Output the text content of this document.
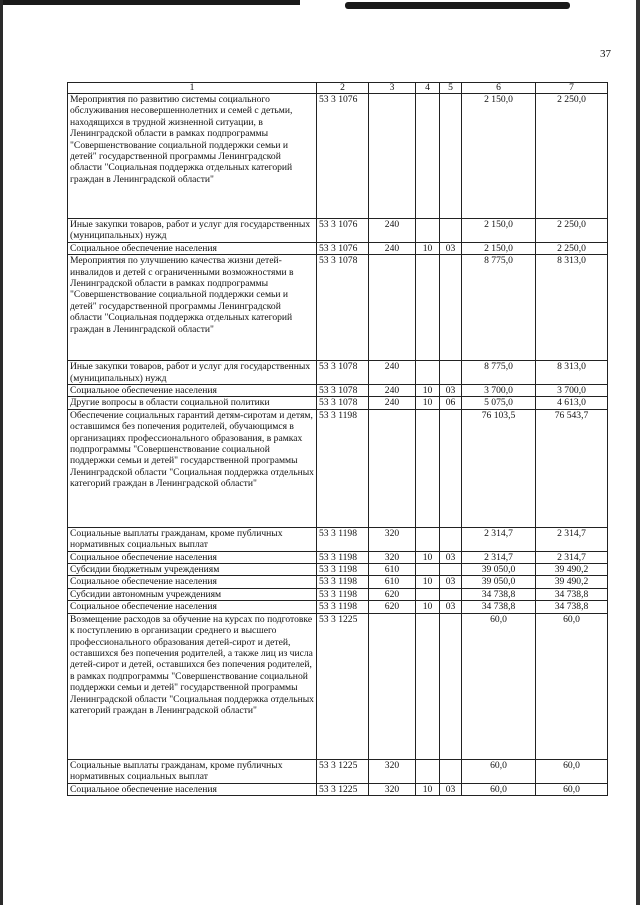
37
1	2	3	4	5	6	7
Мероприятия по развитию системы социального обслуживания несовершеннолетних и семей с детьми, находящихся в трудной жизненной ситуации, в Ленинградской области в рамках подпрограммы "Совершенствование социальной поддержки семьи и детей" государственной программы Ленинградской области "Социальная поддержка отдельных категорий граждан в Ленинградской области"	53 3 1076				2 150,0	2 250,0
Иные закупки товаров, работ и услуг для государственных (муниципальных) нужд	53 3 1076	240			2 150,0	2 250,0
Социальное обеспечение населения	53 3 1076	240	10	03	2 150,0	2 250,0
Мероприятия по улучшению качества жизни детей-инвалидов и детей с ограниченными возможностями в Ленинградской области в рамках подпрограммы "Совершенствование социальной поддержки семьи и детей" государственной программы Ленинградской области "Социальная поддержка отдельных категорий граждан в Ленинградской области"	53 3 1078				8 775,0	8 313,0
Иные закупки товаров, работ и услуг для государственных (муниципальных) нужд	53 3 1078	240			8 775,0	8 313,0
Социальное обеспечение населения	53 3 1078	240	10	03	3 700,0	3 700,0
Другие вопросы в области социальной политики	53 3 1078	240	10	06	5 075,0	4 613,0
Обеспечение социальных гарантий детям-сиротам и детям, оставшимся без попечения родителей, обучающимся в организациях профессионального образования, в рамках подпрограммы "Совершенствование социальной поддержки семьи и детей" государственной программы Ленинградской области "Социальная поддержка отдельных категорий граждан в Ленинградской области"	53 3 1198				76 103,5	76 543,7
Социальные выплаты гражданам, кроме публичных нормативных социальных выплат	53 3 1198	320			2 314,7	2 314,7
Социальное обеспечение населения	53 3 1198	320	10	03	2 314,7	2 314,7
Субсидии бюджетным учреждениям	53 3 1198	610			39 050,0	39 490,2
Социальное обеспечение населения	53 3 1198	610	10	03	39 050,0	39 490,2
Субсидии автономным учреждениям	53 3 1198	620			34 738,8	34 738,8
Социальное обеспечение населения	53 3 1198	620	10	03	34 738,8	34 738,8
Возмещение расходов за обучение на курсах по подготовке к поступлению в организации среднего и высшего профессионального образования детей-сирот и детей, оставшихся без попечения родителей, а также лиц из числа детей-сирот и детей, оставшихся без попечения родителей, в рамках подпрограммы "Совершенствование социальной поддержки семьи и детей" государственной программы Ленинградской области "Социальная поддержка отдельных категорий граждан в Ленинградской области"	53 3 1225				60,0	60,0
Социальные выплаты гражданам, кроме публичных нормативных социальных выплат	53 3 1225	320			60,0	60,0
Социальное обеспечение населения	53 3 1225	320	10	03	60,0	60,0
